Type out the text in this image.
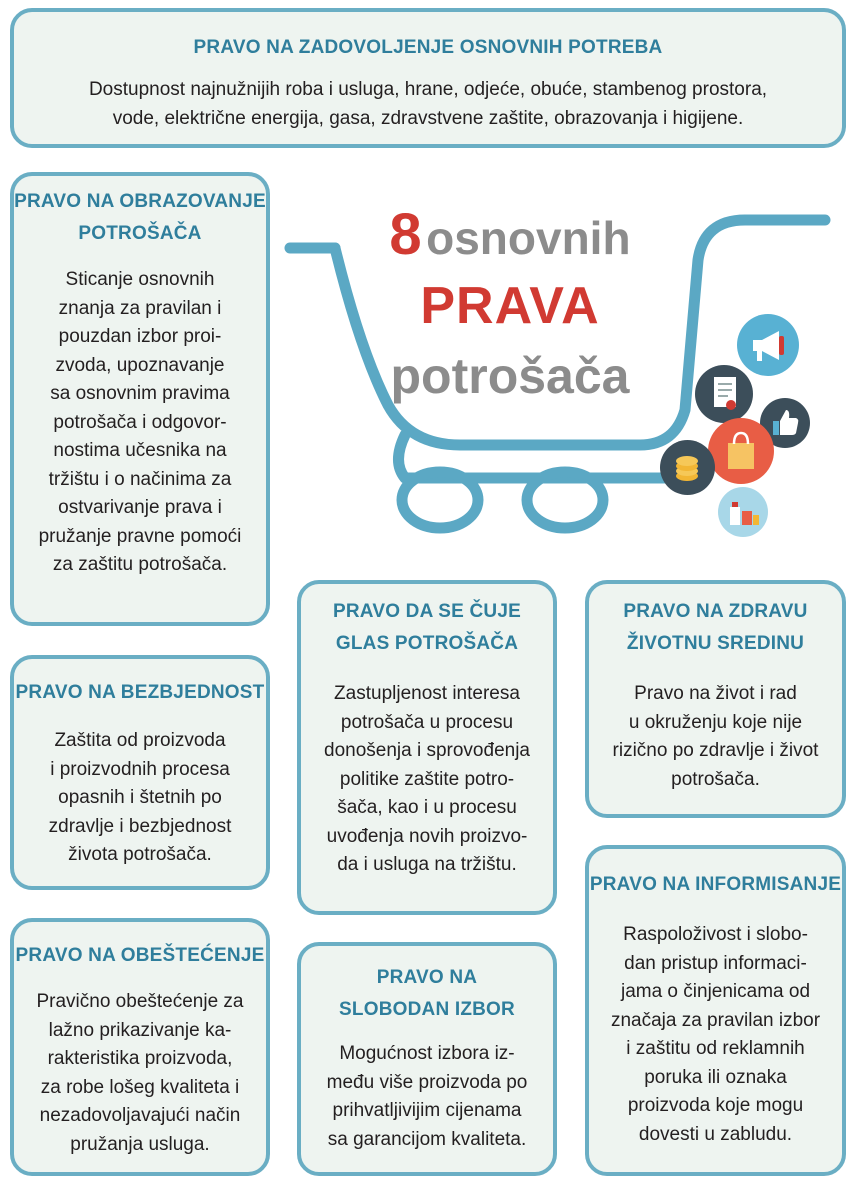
PRAVO NA ZADOVOLJENJE OSNOVNIH POTREBA

Dostupnost najnužnijih roba i usluga, hrane, odjeće, obuće, stambenog prostora,

vode, električne energija, gasa, zdravstvene zaštite, obrazovanja i higijene.

PRAVO NA OBRAZOVANJE
POTROŠAČA

Sticanje osnovnih

znanja za pravilan i

pouzdan izbor proi-

zvoda, upoznavanje

sa osnovnim pravima

potrošača i odgovor-

nostima učesnika na

tržištu i o načinima za

ostvarivanje prava i

pružanje pravne pomoći

za zaštitu potrošača.

PRAVO NA BEZBJEDNOST

Zaštita od proizvoda

i proizvodnih procesa

opasnih i štetnih po

zdravlje i bezbjednost

života potrošača.

PRAVO NA OBEŠTEĆENJE

Pravično obeštećenje za

lažno prikazivanje ka-

rakteristika proizvoda,

za robe lošeg kvaliteta i

nezadovoljavajući način

pružanja usluga.

PRAVO DA SE ČUJE
GLAS POTROŠAČA

Zastupljenost interesa

potrošača u procesu

donošenja i sprovođenja

politike zaštite potro-

šača, kao i u procesu

uvođenja novih proizvo-

da i usluga na tržištu.

PRAVO NA
SLOBODAN IZBOR

Mogućnost izbora iz-

među više proizvoda po

prihvatljivijim cijenama

sa garancijom kvaliteta.

PRAVO NA ZDRAVU
ŽIVOTNU SREDINU

Pravo na život i rad

u okruženju koje nije

rizično po zdravlje i život

potrošača.

PRAVO NA INFORMISANJE

Raspoloživost i slobo-

dan pristup informaci-

jama o činjenicama od

značaja za pravilan izbor

i zaštitu od reklamnih

poruka ili oznaka

proizvoda koje mogu

dovesti u zabludu.

8 osnovnih
PRAVA
potrošača
